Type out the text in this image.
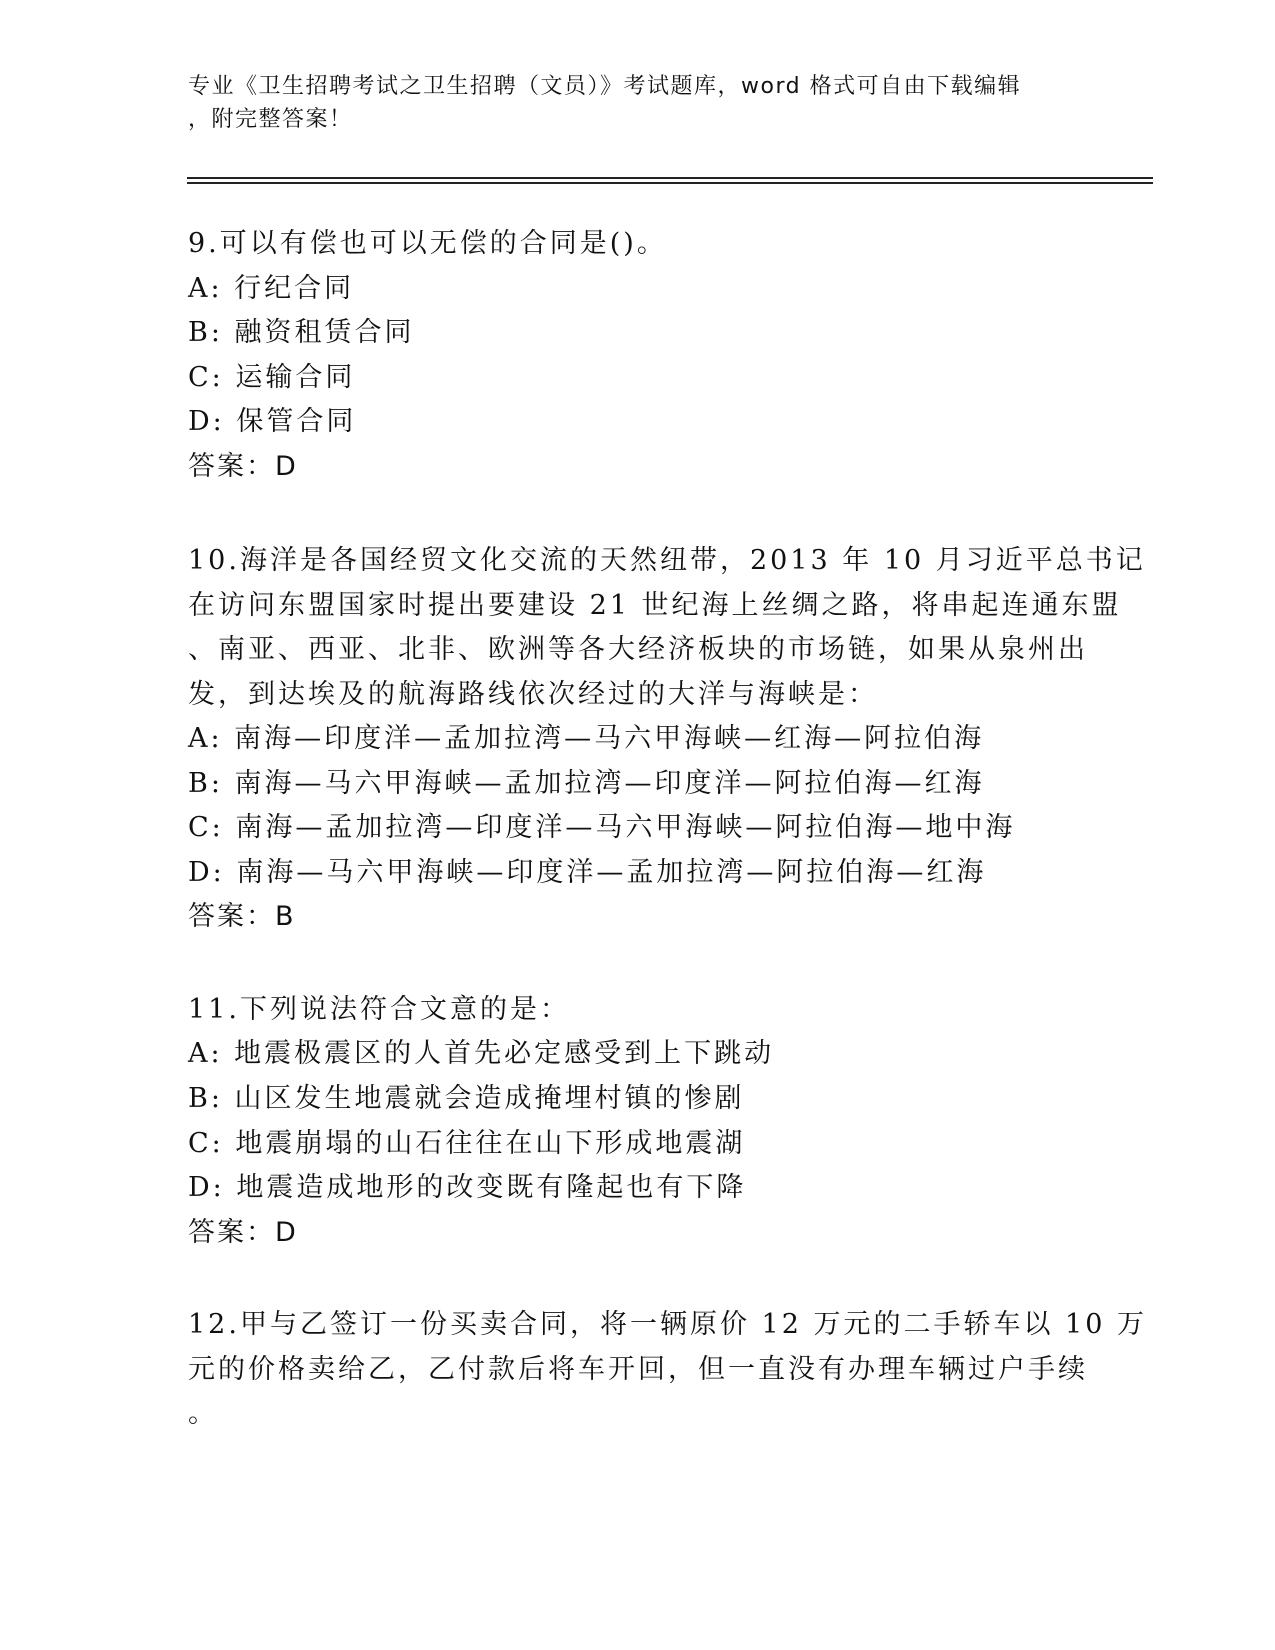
专业《卫生招聘考试之卫生招聘（文员）》考试题库，word 格式可自由下载编辑
，附完整答案！
9.可以有偿也可以无偿的合同是()。
A: 行纪合同
B: 融资租赁合同
C: 运输合同
D: 保管合同
答案：D
10.海洋是各国经贸文化交流的天然纽带，2013 年 10 月习近平总书记
在访问东盟国家时提出要建设 21 世纪海上丝绸之路，将串起连通东盟
、南亚、西亚、北非、欧洲等各大经济板块的市场链，如果从泉州出
发，到达埃及的航海路线依次经过的大洋与海峡是：
A: 南海—印度洋—孟加拉湾—马六甲海峡—红海—阿拉伯海
B: 南海—马六甲海峡—孟加拉湾—印度洋—阿拉伯海—红海
C: 南海—孟加拉湾—印度洋—马六甲海峡—阿拉伯海—地中海
D: 南海—马六甲海峡—印度洋—孟加拉湾—阿拉伯海—红海
答案：B
11.下列说法符合文意的是：
A: 地震极震区的人首先必定感受到上下跳动
B: 山区发生地震就会造成掩埋村镇的惨剧
C: 地震崩塌的山石往往在山下形成地震湖
D: 地震造成地形的改变既有隆起也有下降
答案：D
12.甲与乙签订一份买卖合同，将一辆原价 12 万元的二手轿车以 10 万
元的价格卖给乙，乙付款后将车开回，但一直没有办理车辆过户手续
。
